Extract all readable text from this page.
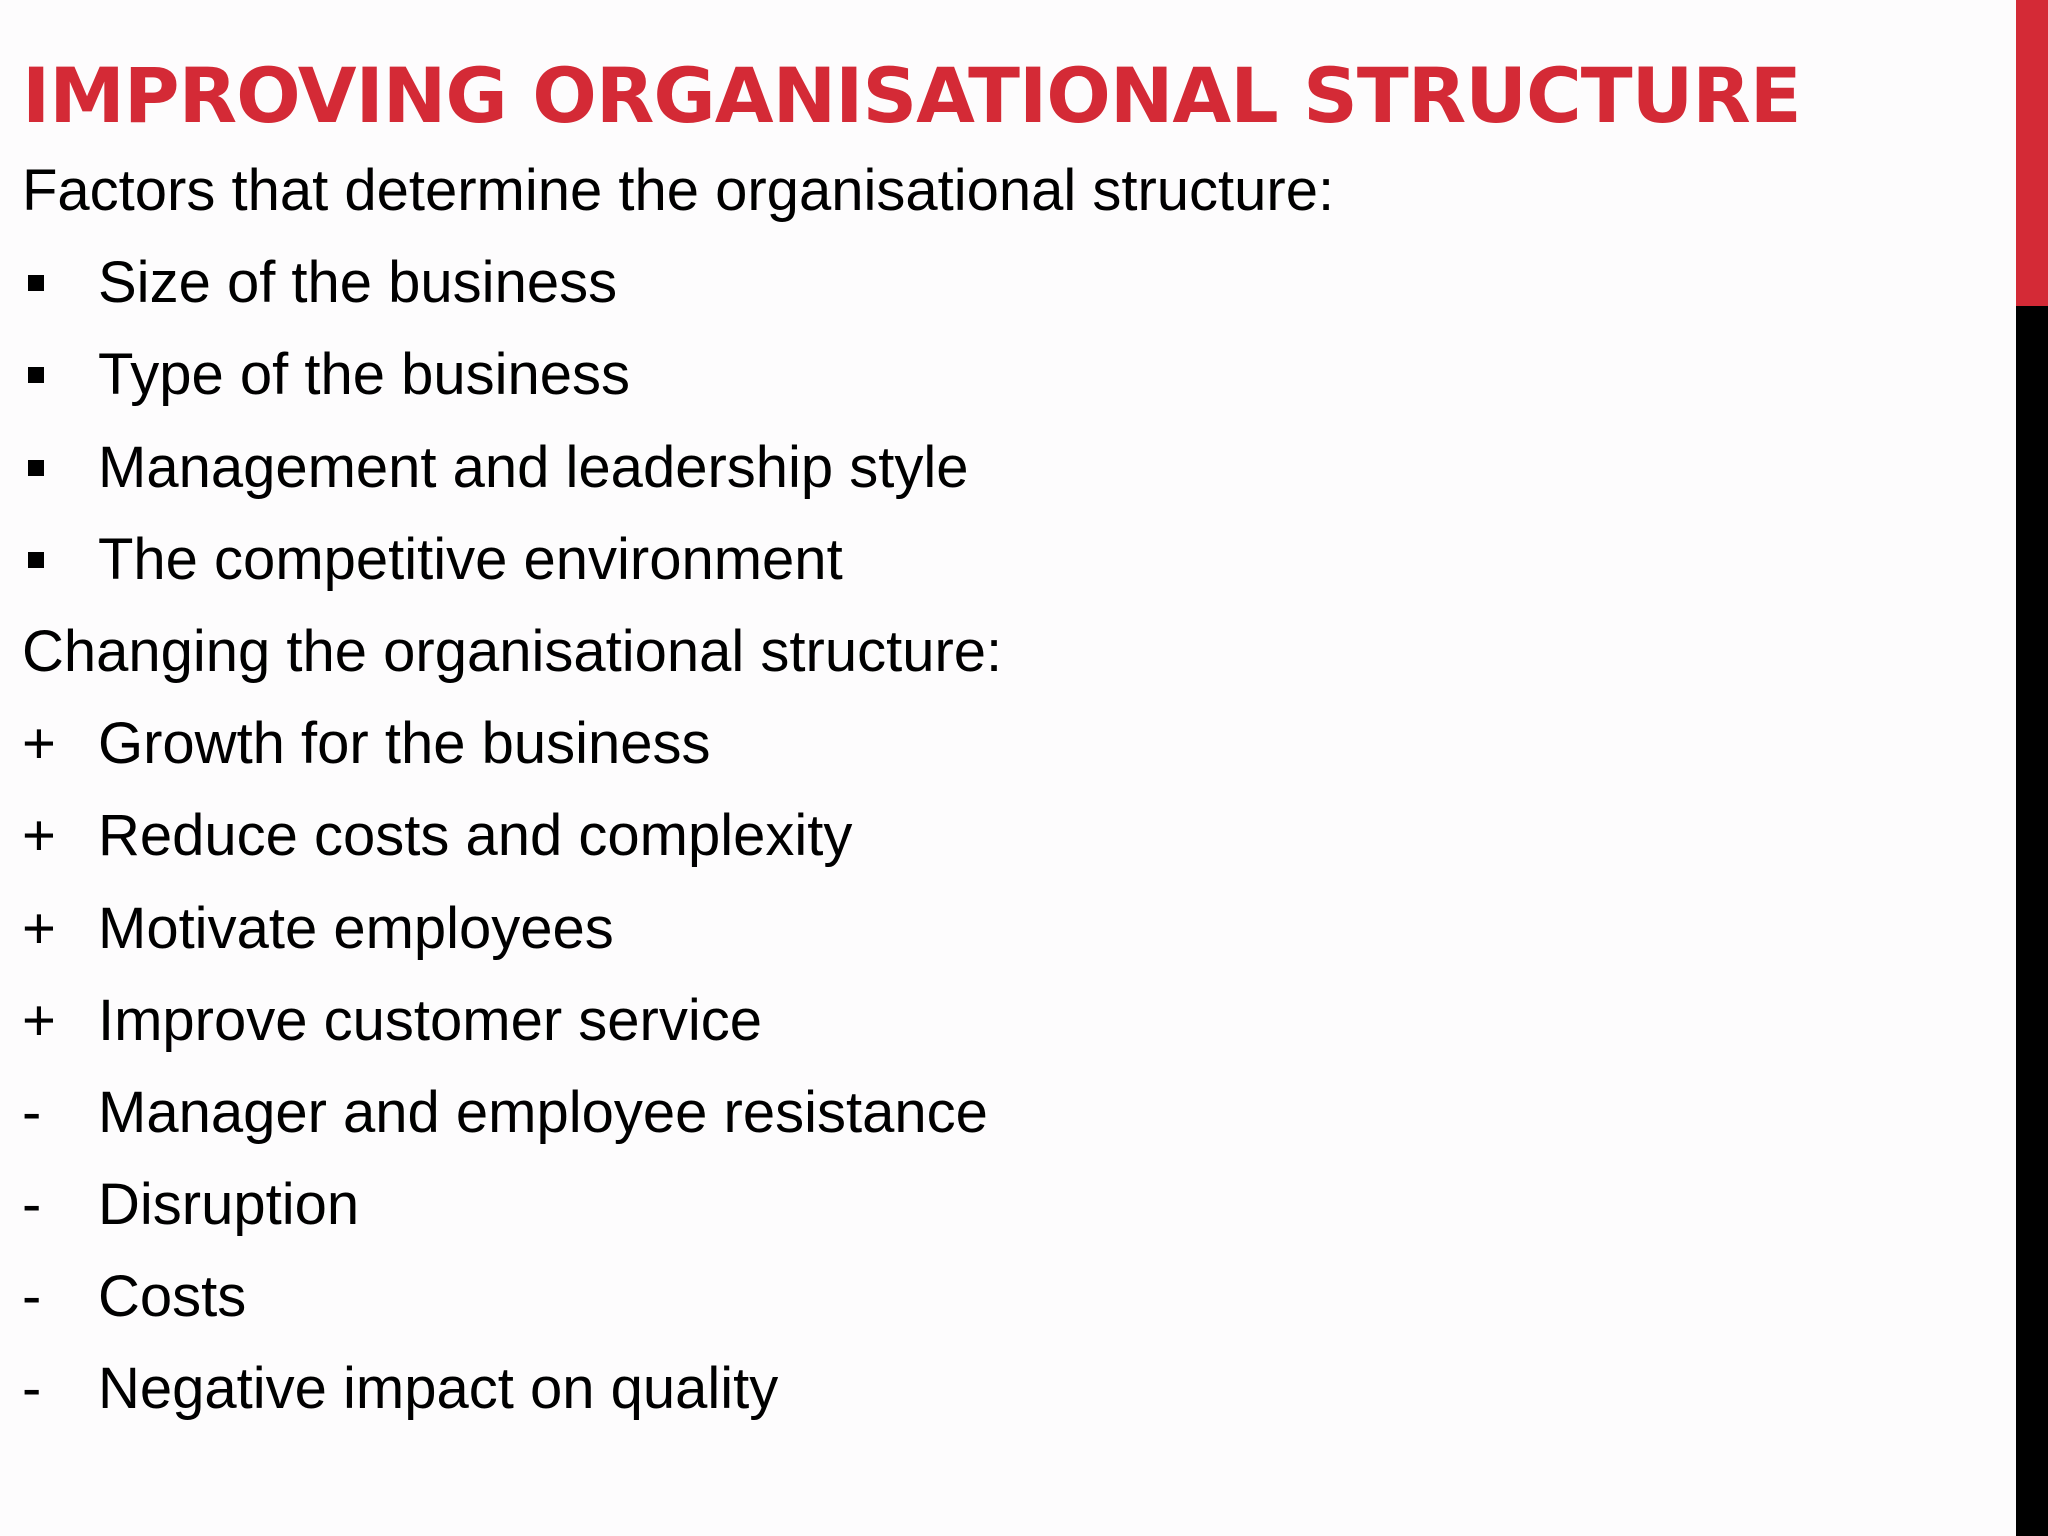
IMPROVING ORGANISATIONAL STRUCTURE
Factors that determine the organisational structure:
Size of the business
Type of the business
Management and leadership style
The competitive environment
Changing the organisational structure:
+ Growth for the business
+ Reduce costs and complexity
+ Motivate employees
+ Improve customer service
- Manager and employee resistance
- Disruption
- Costs
- Negative impact on quality
